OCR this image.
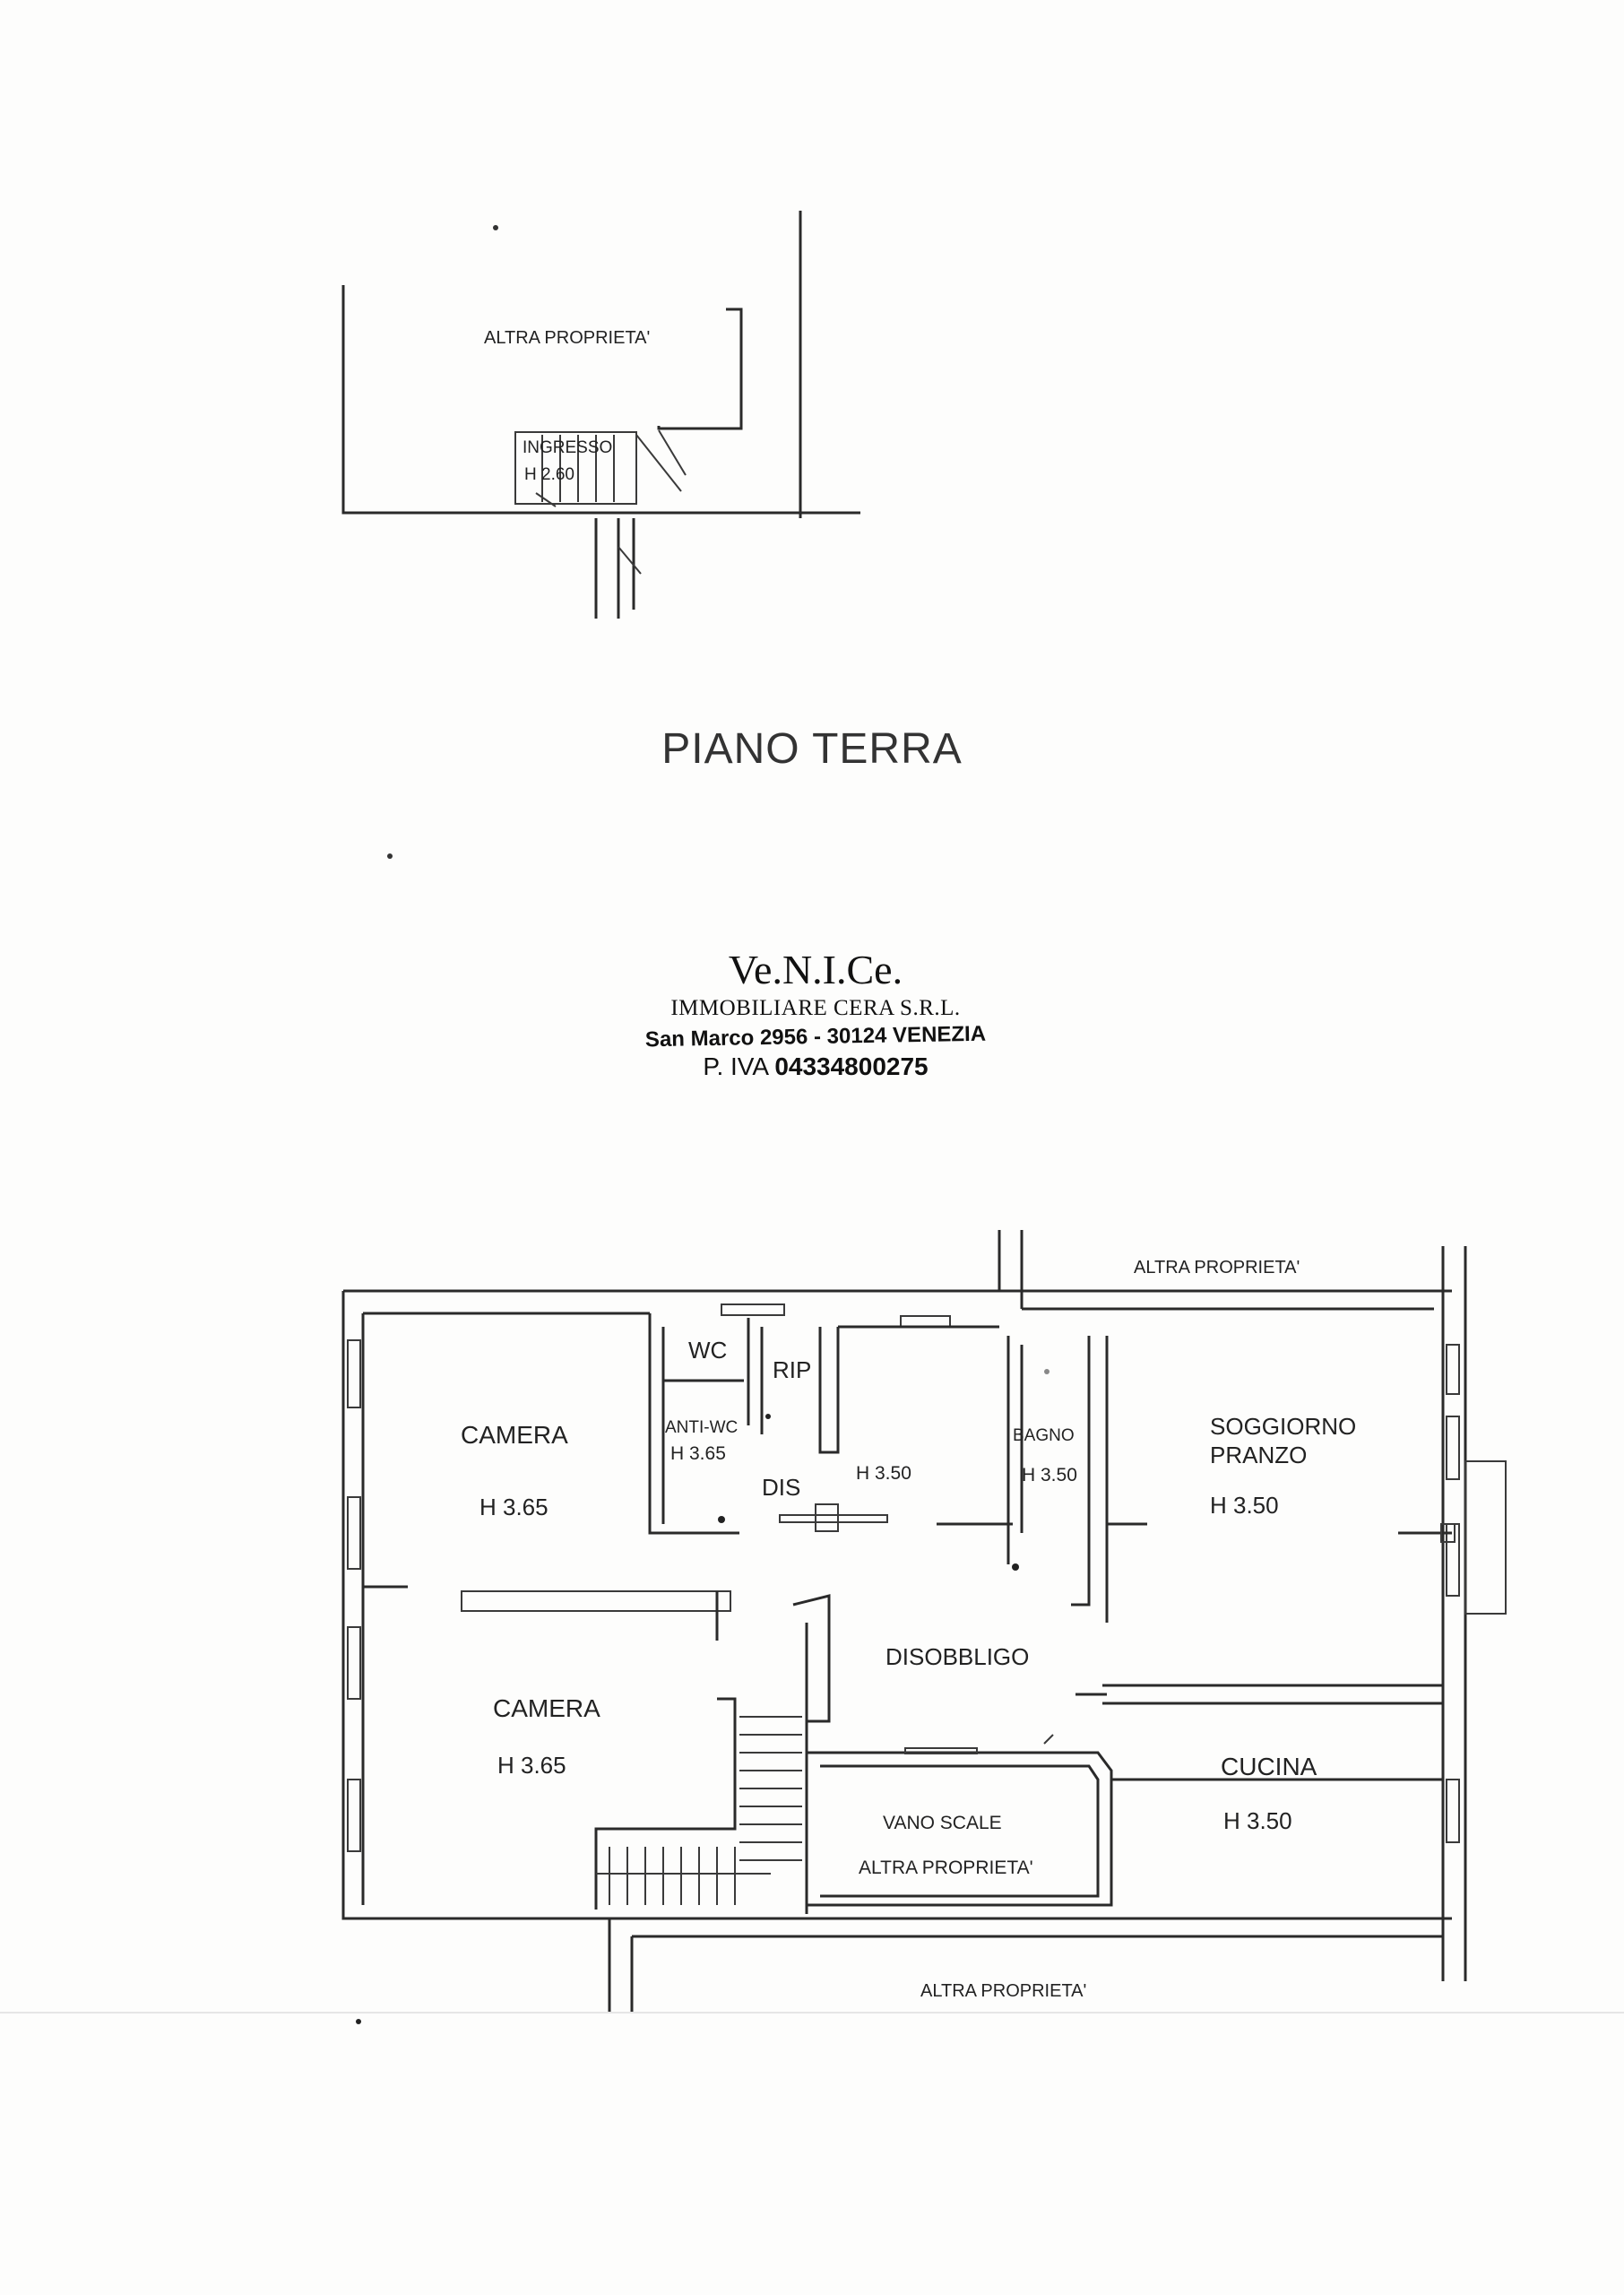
ALTRA PROPRIETA'
INGRESSO
H 2.60
ALTRA PROPRIETA'
CAMERA
H 3.65
WC
RIP
ANTI-WC
H 3.65
DIS
H 3.50
BAGNO
H 3.50
SOGGIORNO
PRANZO
H 3.50
CAMERA
H 3.65
DISOBBLIGO
VANO SCALE
ALTRA PROPRIETA'
CUCINA
H 3.50
ALTRA PROPRIETA'
PIANO TERRA
Ve.N.I.Ce.
IMMOBILIARE CERA S.R.L.
San Marco 2956 - 30124 VENEZIA
P. IVA 04334800275
